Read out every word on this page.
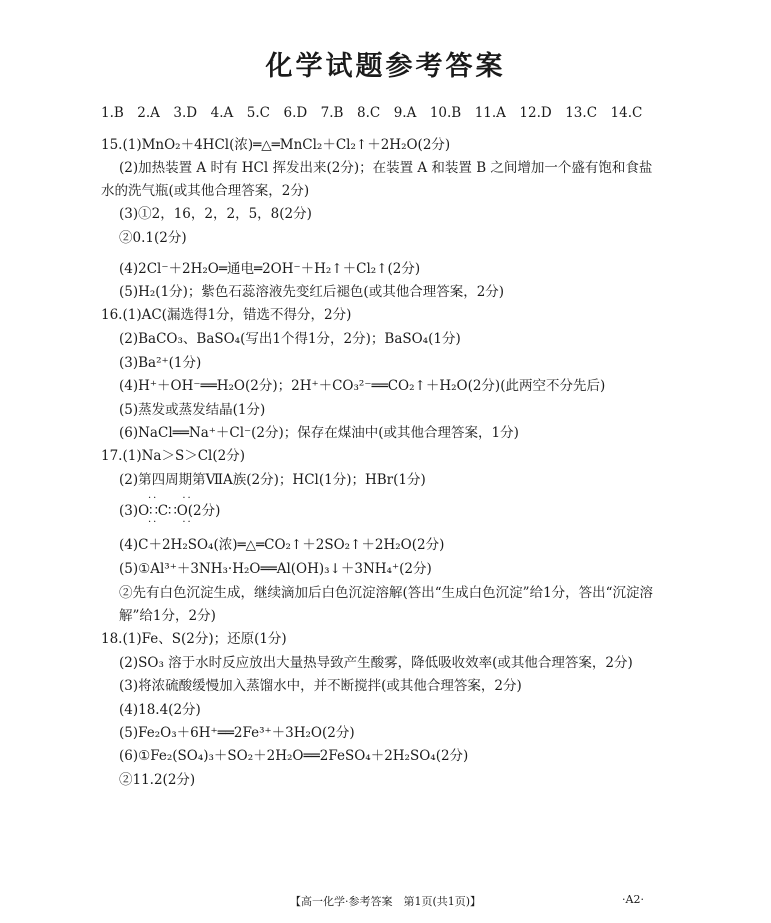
化学试题参考答案
1.B　2.A　3.D　4.A　5.C　6.D　7.B　8.C　9.A　10.B　11.A　12.D　13.C　14.C
15.(1)MnO₂＋4HCl(浓)═△═MnCl₂＋Cl₂↑＋2H₂O(2分)
(2)加热装置 A 时有 HCl 挥发出来(2分)；在装置 A 和装置 B 之间增加一个盛有饱和食盐
水的洗气瓶(或其他合理答案，2分)
(3)①2，16，2，2，5，8(2分)
②0.1(2分)
(4)2Cl⁻＋2H₂O═通电═2OH⁻＋H₂↑＋Cl₂↑(2分)
(5)H₂(1分)；紫色石蕊溶液先变红后褪色(或其他合理答案，2分)
16.(1)AC(漏选得1分，错选不得分，2分)
(2)BaCO₃、BaSO₄(写出1个得1分，2分)；BaSO₄(1分)
(3)Ba²⁺(1分)
(4)H⁺＋OH⁻══H₂O(2分)；2H⁺＋CO₃²⁻══CO₂↑＋H₂O(2分)(此两空不分先后)
(5)蒸发或蒸发结晶(1分)
(6)NaCl══Na⁺＋Cl⁻(2分)；保存在煤油中(或其他合理答案，1分)
17.(1)Na＞S＞Cl(2分)
(2)第四周期第ⅦA族(2分)；HCl(1分)；HBr(1分)
··　　··
(3)O∷C∷O(2分)
··　　··
(4)C＋2H₂SO₄(浓)═△═CO₂↑＋2SO₂↑＋2H₂O(2分)
(5)①Al³⁺＋3NH₃·H₂O══Al(OH)₃↓＋3NH₄⁺(2分)
②先有白色沉淀生成，继续滴加后白色沉淀溶解(答出“生成白色沉淀”给1分，答出“沉淀溶
解”给1分，2分)
18.(1)Fe、S(2分)；还原(1分)
(2)SO₃ 溶于水时反应放出大量热导致产生酸雾，降低吸收效率(或其他合理答案，2分)
(3)将浓硫酸缓慢加入蒸馏水中，并不断搅拌(或其他合理答案，2分)
(4)18.4(2分)
(5)Fe₂O₃＋6H⁺══2Fe³⁺＋3H₂O(2分)
(6)①Fe₂(SO₄)₃＋SO₂＋2H₂O══2FeSO₄＋2H₂SO₄(2分)
②11.2(2分)
【高一化学·参考答案　第1页(共1页)】	·A2·
